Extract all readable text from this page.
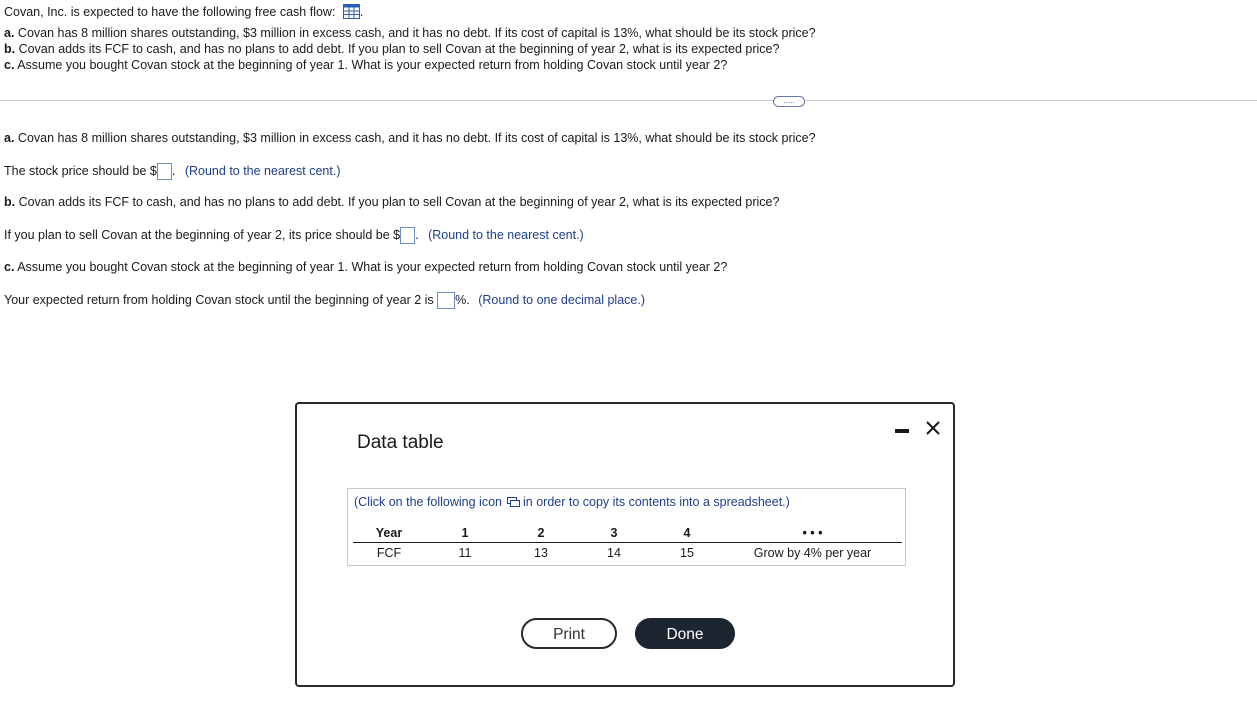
Covan, Inc. is expected to have the following free cash flow: .
a. Covan has 8 million shares outstanding, $3 million in excess cash, and it has no debt. If its cost of capital is 13%, what should be its stock price?
b. Covan adds its FCF to cash, and has no plans to add debt. If you plan to sell Covan at the beginning of year 2, what is its expected price?
c. Assume you bought Covan stock at the beginning of year 1. What is your expected return from holding Covan stock until year 2?
.....
a. Covan has 8 million shares outstanding, $3 million in excess cash, and it has no debt. If its cost of capital is 13%, what should be its stock price?
The stock price should be $ . (Round to the nearest cent.)
b. Covan adds its FCF to cash, and has no plans to add debt. If you plan to sell Covan at the beginning of year 2, what is its expected price?
If you plan to sell Covan at the beginning of year 2, its price should be $ . (Round to the nearest cent.)
c. Assume you bought Covan stock at the beginning of year 1. What is your expected return from holding Covan stock until year 2?
Your expected return from holding Covan stock until the beginning of year 2 is %. (Round to one decimal place.)
Data table
(Click on the following icon in order to copy its contents into a spreadsheet.)
Year	1	2	3	4	• • •
FCF	11	13	14	15	Grow by 4% per year
Print	Done
